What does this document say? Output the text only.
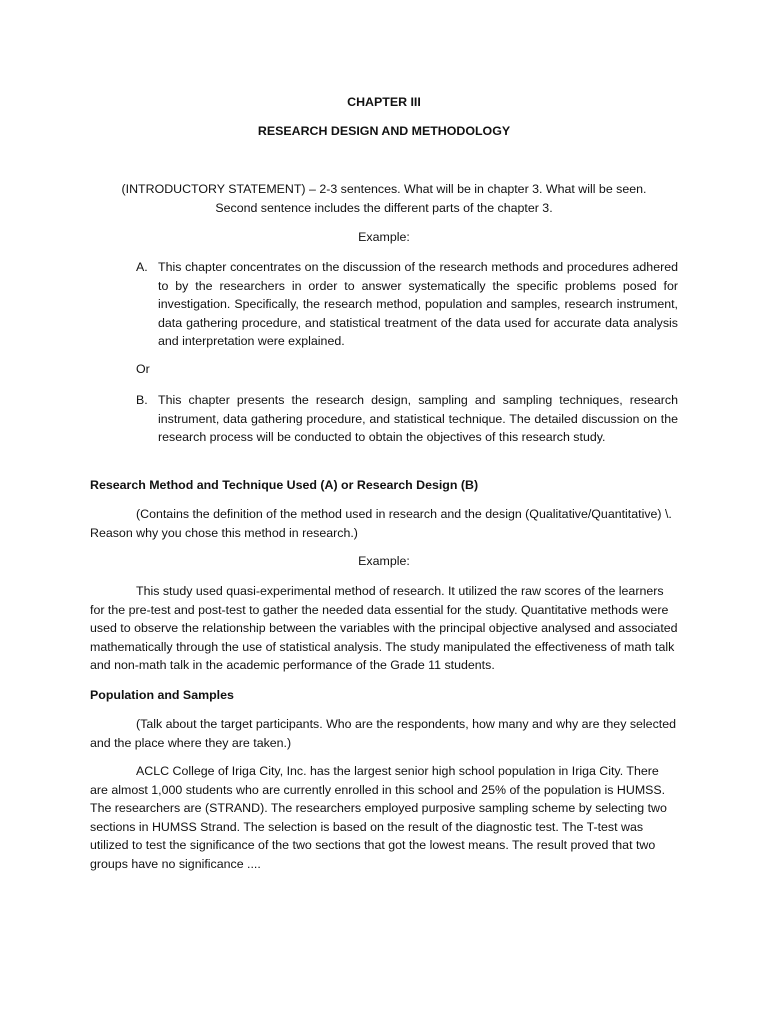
CHAPTER III
RESEARCH DESIGN AND METHODOLOGY
(INTRODUCTORY STATEMENT) – 2-3 sentences. What will be in chapter 3. What will be seen. Second sentence includes the different parts of the chapter 3.
Example:
A. This chapter concentrates on the discussion of the research methods and procedures adhered to by the researchers in order to answer systematically the specific problems posed for investigation. Specifically, the research method, population and samples, research instrument, data gathering procedure, and statistical treatment of the data used for accurate data analysis and interpretation were explained.
Or
B. This chapter presents the research design, sampling and sampling techniques, research instrument, data gathering procedure, and statistical technique. The detailed discussion on the research process will be conducted to obtain the objectives of this research study.
Research Method and Technique Used (A) or Research Design (B)
(Contains the definition of the method used in research and the design (Qualitative/Quantitative) \. Reason why you chose this method in research.)
Example:
This study used quasi-experimental method of research. It utilized the raw scores of the learners for the pre-test and post-test to gather the needed data essential for the study. Quantitative methods were used to observe the relationship between the variables with the principal objective analysed and associated mathematically through the use of statistical analysis. The study manipulated the effectiveness of math talk and non-math talk in the academic performance of the Grade 11 students.
Population and Samples
(Talk about the target participants. Who are the respondents, how many and why are they selected and the place where they are taken.)
ACLC College of Iriga City, Inc. has the largest senior high school population in Iriga City. There are almost 1,000 students who are currently enrolled in this school and 25% of the population is HUMSS. The researchers are (STRAND). The researchers employed purposive sampling scheme by selecting two sections in HUMSS Strand. The selection is based on the result of the diagnostic test. The T-test was utilized to test the significance of the two sections that got the lowest means. The result proved that two groups have no significance ....
